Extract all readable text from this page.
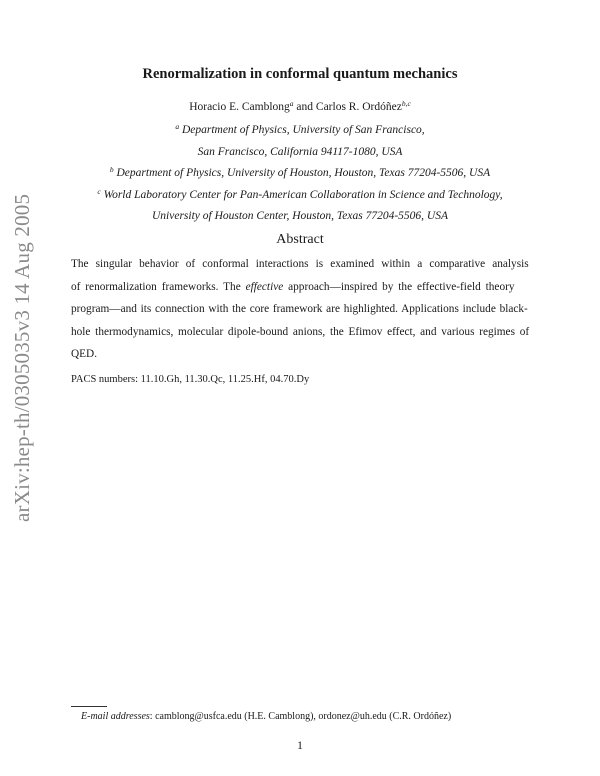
arXiv:hep-th/0305035v3 14 Aug 2005
Renormalization in conformal quantum mechanics
Horacio E. Camblong$^a$ and Carlos R. Ordóñez$^{b,c}$
$^a$ Department of Physics, University of San Francisco,
San Francisco, California 94117-1080, USA
$^b$ Department of Physics, University of Houston, Houston, Texas 77204-5506, USA
$^c$ World Laboratory Center for Pan-American Collaboration in Science and Technology,
University of Houston Center, Houston, Texas 77204-5506, USA
Abstract
The singular behavior of conformal interactions is examined within a comparative analysis
of renormalization frameworks. The effective approach—inspired by the effective-field theory
program—and its connection with the core framework are highlighted. Applications include black-
hole thermodynamics, molecular dipole-bound anions, the Efimov effect, and various regimes of
QED.
PACS numbers: 11.10.Gh, 11.30.Qc, 11.25.Hf, 04.70.Dy
E-mail addresses: camblong@usfca.edu (H.E. Camblong), ordonez@uh.edu (C.R. Ordóñez)
1
